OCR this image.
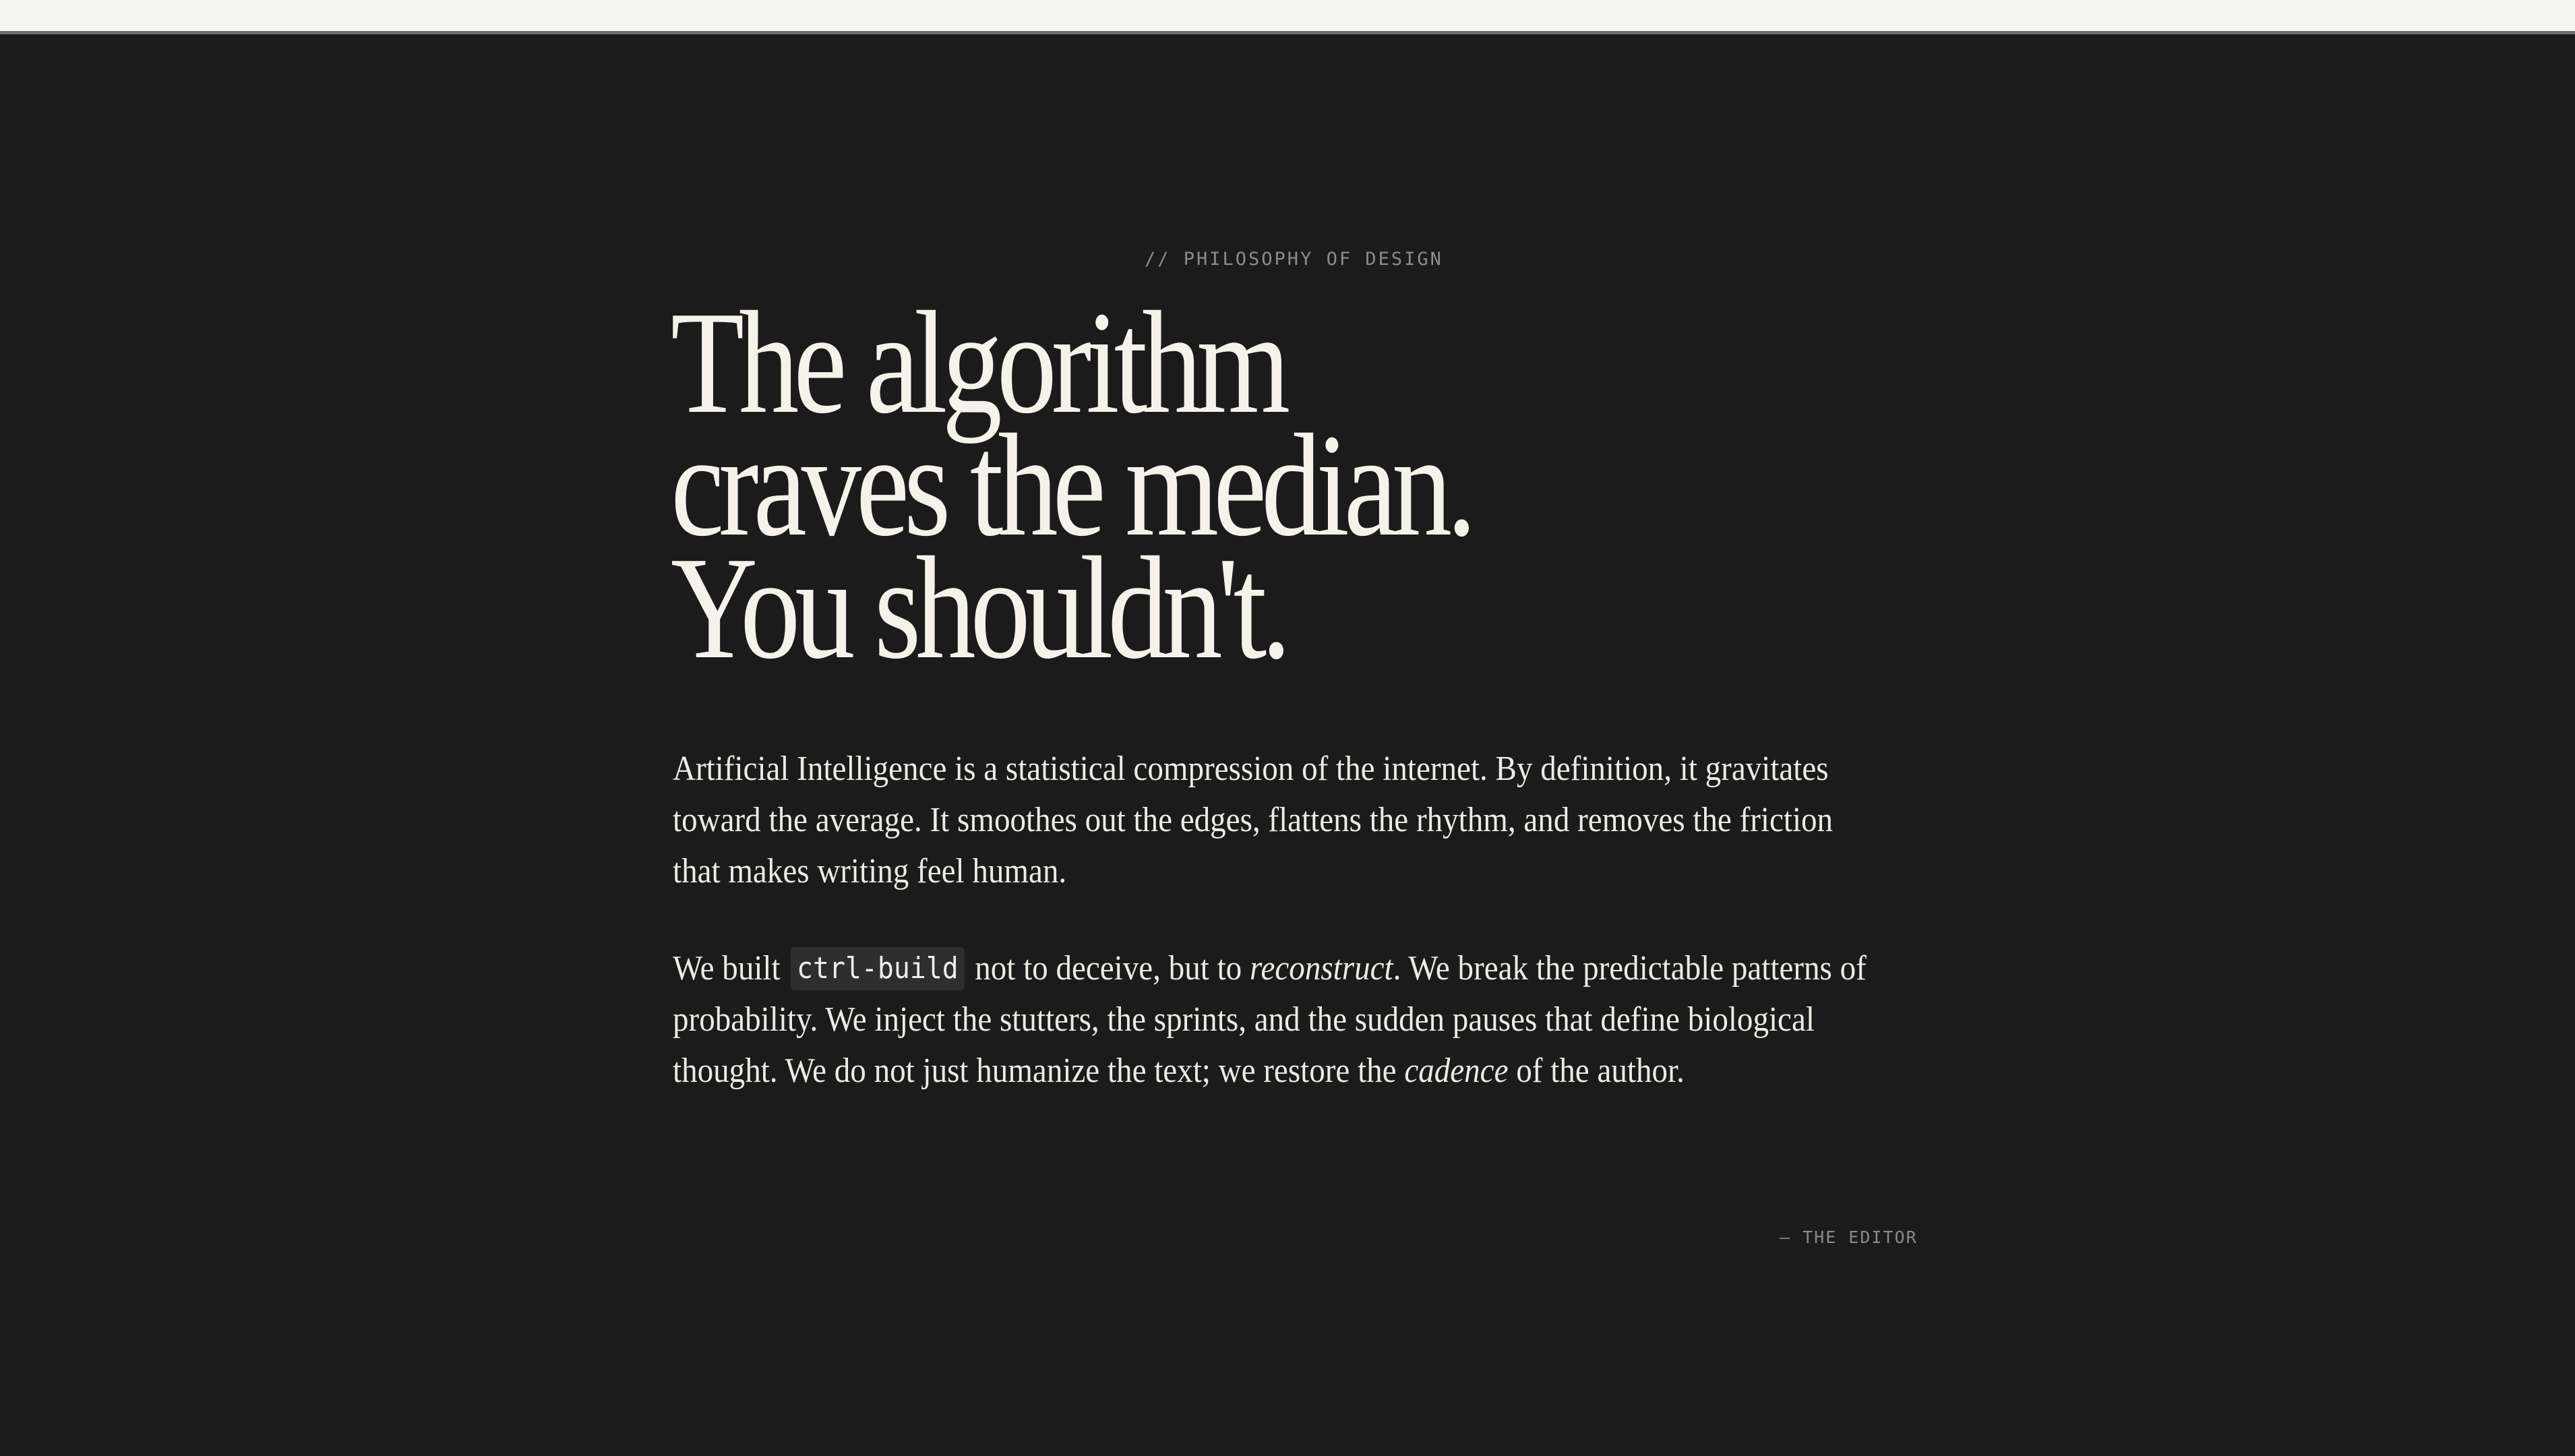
// PHILOSOPHY OF DESIGN
The algorithm
craves the median.
You shouldn't.

Artificial Intelligence is a statistical compression of the internet. By definition, it gravitates
toward the average. It smoothes out the edges, flattens the rhythm, and removes the friction
that makes writing feel human.

We built ctrl-build not to deceive, but to reconstruct. We break the predictable patterns of
probability. We inject the stutters, the sprints, and the sudden pauses that define biological
thought. We do not just humanize the text; we restore the cadence of the author.

— THE EDITOR
